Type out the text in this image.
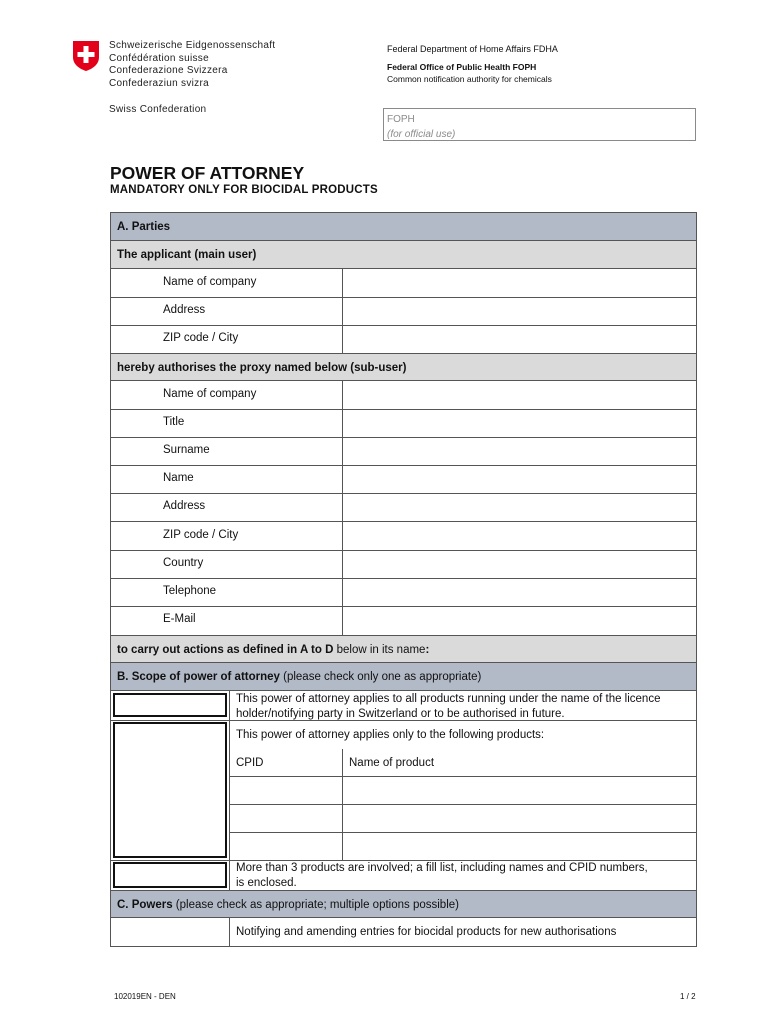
Schweizerische Eidgenossenschaft
Confédération suisse
Confederazione Svizzera
Confederaziun svizra
Swiss Confederation
Federal Department of Home Affairs FDHA
Federal Office of Public Health FOPH
Common notification authority for chemicals
FOPH
(for official use)
POWER OF ATTORNEY
MANDATORY ONLY FOR BIOCIDAL PRODUCTS
A. Parties
The applicant (main user)
Name of company
Address
ZIP code / City
hereby authorises the proxy named below (sub-user)
Name of company
Title
Surname
Name
Address
ZIP code / City
Country
Telephone
E-Mail
to carry out actions as defined in A to D below in its name:
B. Scope of power of attorney (please check only one as appropriate)
This power of attorney applies to all products running under the name of the licence holder/notifying party in Switzerland or to be authorised in future.
This power of attorney applies only to the following products:
CPID	Name of product
More than 3 products are involved; a fill list, including names and CPID numbers, is enclosed.
C. Powers (please check as appropriate; multiple options possible)
Notifying and amending entries for biocidal products for new authorisations
102019EN - DEN	1 / 2
